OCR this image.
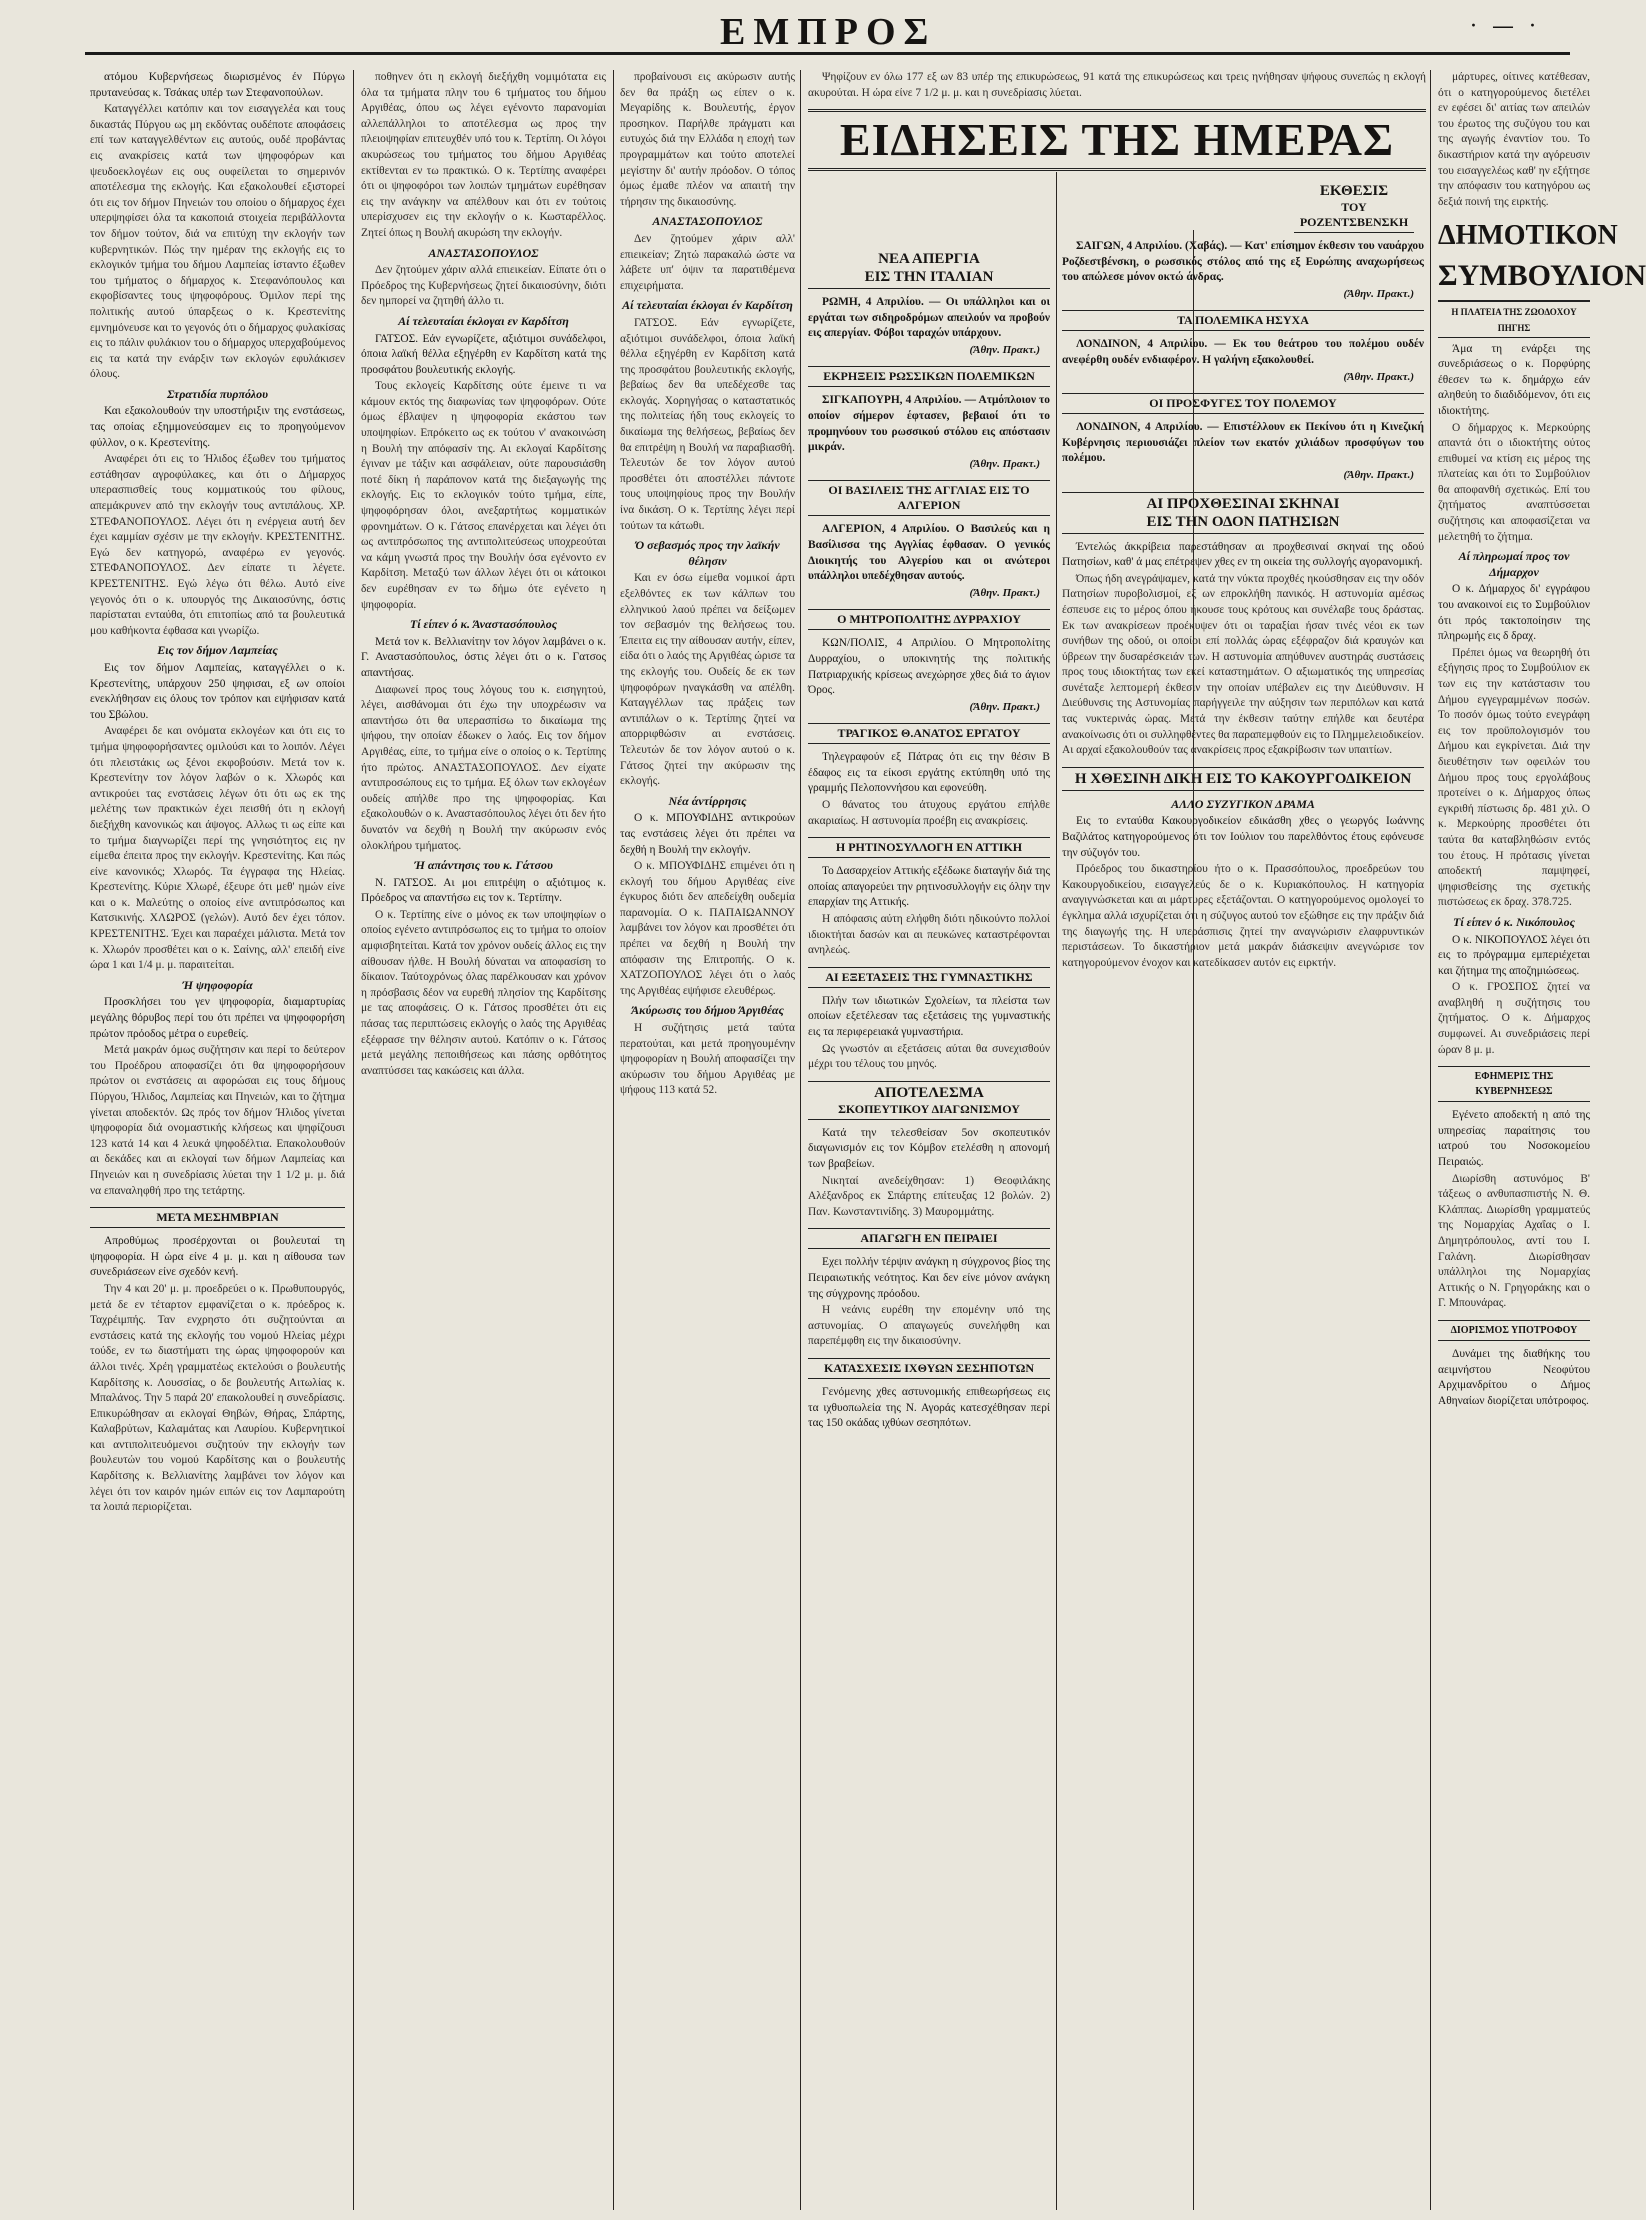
ΕΜΠΡΟΣ	· — ·

ατόμου Κυβερνήσεως διωρισμένος έν Πύργω πρυτανεύσας κ. Τσάκας υπέρ των Στεφανοπούλων.

Καταγγέλλει κατόπιν και τον εισαγγελέα και τους δικαστάς Πύργου ως μη εκδόντας ουδέποτε αποφάσεις επί των καταγγελθέντων εις αυτούς, ουδέ προβάντας εις ανακρίσεις κατά των ψηφοφόρων και ψευδοεκλογέων εις ους ουφείλεται το σημερινόν αποτέλεσμα της εκλογής. Και εξακολουθεί εξιστορεί ότι εις τον δήμον Πηνειών του οποίου ο δήμαρχος έχει υπερψηφίσει όλα τα κακοποιά στοιχεία περιβάλλοντα τον δήμον τούτον, διά να επιτύχη την εκλογήν των κυβερνητικών. Πώς την ημέραν της εκλογής εις το εκλογικόν τμήμα του δήμου Λαμπείας ίσταντο έξωθεν του τμήματος ο δήμαρχος κ. Στεφανόπουλος και εκφοβίσαντες τους ψηφοφόρους. Όμιλον περί της πολιτικής αυτού ύπαρξεως ο κ. Κρεστενίτης εμνημόνευσε και το γεγονός ότι ο δήμαρχος φυλακίσας εις το πάλιν φυλάκιον του ο δήμαρχος υπερχαβούμενος εις τα κατά την ενάρξιν των εκλογών εφυλάκισεν όλους.

Στρατιδία πυρπόλου

Και εξακολουθούν την υποστήριξιν της ενστάσεως, τας οποίας εξημμονεύσαμεν εις το προηγούμενον φύλλον, ο κ. Κρεστενίτης.

Αναφέρει ότι εις το Ήλιδος έξωθεν του τμήματος εστάθησαν αγροφύλακες, και ότι ο Δήμαρχος υπερασπισθείς τους κομματικούς του φίλους, απεμάκρυνεν από την εκλογήν τους αντιπάλους. ΧΡ. ΣΤΕΦΑΝΟΠΟΥΛΟΣ. Λέγει ότι η ενέργεια αυτή δεν έχει καμμίαν σχέσιν με την εκλογήν. ΚΡΕΣΤΕΝΙΤΗΣ. Εγώ δεν κατηγορώ, αναφέρω εν γεγονός. ΣΤΕΦΑΝΟΠΟΥΛΟΣ. Δεν είπατε τι λέγετε. ΚΡΕΣΤΕΝΙΤΗΣ. Εγώ λέγω ότι θέλω. Αυτό είνε γεγονός ότι ο κ. υπουργός της Δικαιοσύνης, όστις παρίσταται ενταύθα, ότι επιτοπίως από τα βουλευτικά μου καθήκοντα έφθασα και γνωρίζω.

Εις τον δήμον Λαμπείας

Εις τον δήμον Λαμπείας, καταγγέλλει ο κ. Κρεστενίτης, υπάρχουν 250 ψηφισαι, εξ ων οποίοι ενεκλήθησαν εις όλους τον τρόπον και εψήφισαν κατά του Σβώλου.

Αναφέρει δε και ονόματα εκλογέων και ότι εις το τμήμα ψηφοφορήσαντες ομιλούσι και το λοιπόν. Λέγει ότι πλειστάκις ως ξένοι εκφοβούσιν. Μετά τον κ. Κρεστενίτην τον λόγον λαβών ο κ. Χλωρός και αντικρούει τας ενστάσεις λέγων ότι ότι ως εκ της μελέτης των πρακτικών έχει πεισθή ότι η εκλογή διεξήχθη κανονικώς και άψογος. Αλλως τι ως είπε και το τμήμα διαγνωρίζει περί της γνησιότητος εις ην είμεθα έπειτα προς την εκλογήν. Κρεστενίτης. Και πώς είνε κανονικός; Χλωρός. Τα έγγραφα της Ηλείας. Κρεστενίτης. Κύριε Χλωρέ, έξευρε ότι μεθ' ημών είνε και ο κ. Μαλεύτης ο οποίος είνε αντιπρόσωπος και Κατσικινής. ΧΛΩΡΟΣ (γελών). Αυτό δεν έχει τόπον. ΚΡΕΣΤΕΝΙΤΗΣ. Έχει και παραέχει μάλιστα. Μετά τον κ. Χλωρόν προσθέτει και ο κ. Σαίνης, αλλ' επειδή είνε ώρα 1 και 1/4 μ. μ. παραιτείται.

Ή ψηφοφορία

Προσκλήσει του γεν ψηφοφορία, διαμαρτυρίας μεγάλης θόρυβος περί του ότι πρέπει να ψηφοφορήση πρώτον πρόοδος μέτρα ο ευρεθείς.

Μετά μακράν όμως συζήτησιν και περί το δεύτερον του Προέδρου αποφασίζει ότι θα ψηφοφορήσουν πρώτον οι ενστάσεις αι αφορώσαι εις τους δήμους Πύργου, Ήλιδος, Λαμπείας και Πηνειών, και το ζήτημα γίνεται αποδεκτόν. Ως πρός τον δήμον Ήλιδος γίνεται ψηφοφορία διά ονομαστικής κλήσεως και ψηφίζουσι 123 κατά 14 και 4 λευκά ψηφοδέλτια. Επακολουθούν αι δεκάδες και αι εκλογαί των δήμων Λαμπείας και Πηνειών και η συνεδρίασις λύεται την 1 1/2 μ. μ. διά να επαναληφθή προ της τετάρτης.

ΜΕΤΑ ΜΕΣΗΜΒΡΙΑΝ

Απροθύμως προσέρχονται οι βουλευταί τη ψηφοφορία. Η ώρα είνε 4 μ. μ. και η αίθουσα των συνεδριάσεων είνε σχεδόν κενή.

Την 4 και 20' μ. μ. προεδρεύει ο κ. Πρωθυπουργός, μετά δε εν τέταρτον εμφανίζεται ο κ. πρόεδρος κ. Ταχρέιμπής. Ταν ενχρηστο ότι συζητούνται αι ενστάσεις κατά της εκλογής του νομού Ηλείας μέχρι τούδε, εν τω διαστήματι της ώρας ψηφοφορούν και άλλοι τινές. Χρέη γραμματέως εκτελούσι ο βουλευτής Καρδίτσης κ. Λουσσίας, ο δε βουλευτής Αιτωλίας κ. Μπαλάνος. Την 5 παρά 20' επακολουθεί η συνεδρίασις. Επικυρώθησαν αι εκλογαί Θηβών, Θήρας, Σπάρτης, Καλαβρύτων, Καλαμάτας και Λαυρίου. Κυβερνητικοί και αντιπολιτευόμενοι συζητούν την εκλογήν των βουλευτών του νομού Καρδίτσης και ο βουλευτής Καρδίτσης κ. Βελλιανίτης λαμβάνει τον λόγον και λέγει ότι τον καιρόν ημών ειπών εις τον Λαμπαρούτη τα λοιπά περιορίζεται.

ποθηνεν ότι η εκλογή διεξήχθη νομιμότατα εις όλα τα τμήματα πλην του 6 τμήματος του δήμου Αργιθέας, όπου ως λέγει εγένοντο παρανομίαι αλλεπάλληλοι το αποτέλεσμα ως προς την πλειοψηφίαν επιτευχθέν υπό του κ. Τερτίπη. Οι λόγοι ακυρώσεως του τμήματος του δήμου Αργιθέας εκτίθενται εν τω πρακτικώ. Ο κ. Τερτίπης αναφέρει ότι οι ψηφοφόροι των λοιπών τμημάτων ευρέθησαν εις την ανάγκην να απέλθουν και ότι εν τούτοις υπερίσχυσεν εις την εκλογήν ο κ. Κωσταρέλλος. Ζητεί όπως η Βουλή ακυρώση την εκλογήν.

ΑΝΑΣΤΑΣΟΠΟΥΛΟΣ

Δεν ζητούμεν χάριν αλλά επιεικείαν. Είπατε ότι ο Πρόεδρος της Κυβερνήσεως ζητεί δικαιοσύνην, διότι δεν ημπορεί να ζητηθή άλλο τι.

Αί τελευταίαι έκλογαι εν Καρδίτση

ΓΑΤΣΟΣ. Εάν εγνωρίζετε, αξιότιμοι συνάδελφοι, όποια λαϊκή θέλλα εξηγέρθη εν Καρδίτση κατά της προσφάτου βουλευτικής εκλογής.

Τους εκλογείς Καρδίτσης ούτε έμεινε τι να κάμουν εκτός της διαφωνίας των ψηφοφόρων. Ούτε όμως έβλαψεν η ψηφοφορία εκάστου των υποψηφίων. Επρόκειτο ως εκ τούτου ν' ανακοινώση η Βουλή την απόφασίν της. Αι εκλογαί Καρδίτσης έγιναν με τάξιν και ασφάλειαν, ούτε παρουσιάσθη ποτέ δίκη ή παράπονον κατά της διεξαγωγής της εκλογής. Εις το εκλογικόν τούτο τμήμα, είπε, ψηφοφόρησαν όλοι, ανεξαρτήτως κομματικών φρονημάτων. Ο κ. Γάτσος επανέρχεται και λέγει ότι ως αντιπρόσωπος της αντιπολιτεύσεως υποχρεούται να κάμη γνωστά προς την Βουλήν όσα εγένοντο εν Καρδίτση. Μεταξύ των άλλων λέγει ότι οι κάτοικοι δεν ευρέθησαν εν τω δήμω ότε εγένετο η ψηφοφορία.

Τί είπεν ό κ. Άναστασόπουλος

Μετά τον κ. Βελλιανίτην τον λόγον λαμβάνει ο κ. Γ. Αναστασόπουλος, όστις λέγει ότι ο κ. Γατσος απαντήσας.

Διαφωνεί προς τους λόγους του κ. εισηγητού, λέγει, αισθάνομαι ότι έχω την υποχρέωσιν να απαντήσω ότι θα υπερασπίσω το δικαίωμα της ψήφου, την οποίαν έδωκεν ο λαός. Εις τον δήμον Αργιθέας, είπε, το τμήμα είνε ο οποίος ο κ. Τερτίπης ήτο πρώτος. ΑΝΑΣΤΑΣΟΠΟΥΛΟΣ. Δεν είχατε αντιπροσώπους εις το τμήμα. Εξ όλων των εκλογέων ουδείς απήλθε προ της ψηφοφορίας. Και εξακολουθών ο κ. Αναστασόπουλος λέγει ότι δεν ήτο δυνατόν να δεχθή η Βουλή την ακύρωσιν ενός ολοκλήρου τμήματος.

Ή απάντησις του κ. Γάτσου

Ν. ΓΑΤΣΟΣ. Αι μοι επιτρέψη ο αξιότιμος κ. Πρόεδρος να απαντήσω εις τον κ. Τερτίπην.

Ο κ. Τερτίπης είνε ο μόνος εκ των υποψηφίων ο οποίος εγένετο αντιπρόσωπος εις το τμήμα το οποίον αμφισβητείται. Κατά τον χρόνον ουδείς άλλος εις την αίθουσαν ήλθε. Η Βουλή δύναται να αποφασίση το δίκαιον. Ταύτοχρόνως όλας παρέλκουσαν και χρόνον η πρόσβασις δέον να ευρεθή πλησίον της Καρδίτσης με τας αποφάσεις. Ο κ. Γάτσος προσθέτει ότι εις πάσας τας περιπτώσεις εκλογής ο λαός της Αργιθέας εξέφρασε την θέλησιν αυτού. Κατόπιν ο κ. Γάτσος μετά μεγάλης πεποιθήσεως και πάσης ορθότητος αναπτύσσει τας κακώσεις και άλλα.

προβαίνουσι εις ακύρωσιν αυτής δεν θα πράξη ως είπεν ο κ. Μεγαρίδης κ. Βουλευτής, έργον προσηκον. Παρήλθε πράγματι και ευτυχώς διά την Ελλάδα η εποχή των προγραμμάτων και τούτο αποτελεί μεγίστην δι' αυτήν πρόοδον. Ο τόπος όμως έμαθε πλέον να απαιτή την τήρησιν της δικαιοσύνης.

ΑΝΑΣΤΑΣΟΠΟΥΛΟΣ

Δεν ζητούμεν χάριν αλλ' επιεικείαν; Ζητώ παρακαλώ ώστε να λάβετε υπ' όψιν τα παρατιθέμενα επιχειρήματα.

Αί τελευταίαι έκλογαι έν Καρδίτση

ΓΑΤΣΟΣ. Εάν εγνωρίζετε, αξιότιμοι συνάδελφοι, όποια λαϊκή θέλλα εξηγέρθη εν Καρδίτση κατά της προσφάτου βουλευτικής εκλογής, βεβαίως δεν θα υπεδέχεσθε τας εκλογάς. Χορηγήσας ο καταστατικός της πολιτείας ήδη τους εκλογείς το δικαίωμα της θελήσεως, βεβαίως δεν θα επιτρέψη η Βουλή να παραβιασθή. Τελευτών δε τον λόγον αυτού προσθέτει ότι αποστέλλει πάντοτε τους υποψηφίους προς την Βουλήν ίνα δικάση. Ο κ. Τερτίπης λέγει περί τούτων τα κάτωθι.

Ό σεβασμός προς την λαϊκήν θέλησιν

Και εν όσω είμεθα νομικοί άρτι εξελθόντες εκ των κάλπων του ελληνικού λαού πρέπει να δείξωμεν τον σεβασμόν της θελήσεως του. Έπειτα εις την αίθουσαν αυτήν, είπεν, είδα ότι ο λαός της Αργιθέας ώρισε τα της εκλογής του. Ουδείς δε εκ των ψηφοφόρων ηναγκάσθη να απέλθη. Καταγγέλλων τας πράξεις των αντιπάλων ο κ. Τερτίπης ζητεί να απορριφθώσιν αι ενστάσεις. Τελευτών δε τον λόγον αυτού ο κ. Γάτσος ζητεί την ακύρωσιν της εκλογής.

Νέα άντίρρησις

Ο κ. ΜΠΟΥΦΙΔΗΣ αντικρούων τας ενστάσεις λέγει ότι πρέπει να δεχθή η Βουλή την εκλογήν.

Ο κ. ΜΠΟΥΦΙΔΗΣ επιμένει ότι η εκλογή του δήμου Αργιθέας είνε έγκυρος διότι δεν απεδείχθη ουδεμία παρανομία. Ο κ. ΠΑΠΑΙΩΑΝΝΟΥ λαμβάνει τον λόγον και προσθέτει ότι πρέπει να δεχθή η Βουλή την απόφασιν της Επιτροπής. Ο κ. ΧΑΤΖΟΠΟΥΛΟΣ λέγει ότι ο λαός της Αργιθέας εψήφισε ελευθέρως.

Άκύρωσις του δήμου Άργιθέας

Η συζήτησις μετά ταύτα περατούται, και μετά προηγουμένην ψηφοφορίαν η Βουλή αποφασίζει την ακύρωσιν του δήμου Αργιθέας με ψήφους 113 κατά 52.

Ψηφίζουν εν όλω 177 εξ ων 83 υπέρ της επικυρώσεως, 91 κατά της επικυρώσεως και τρεις ηνήθησαν ψήφους συνεπώς η εκλογή ακυρούται. Η ώρα είνε 7 1/2 μ. μ. και η συνεδρίασις λύεται.

ΕΙΔΗΣΕΙΣ ΤΗΣ ΗΜΕΡΑΣ
ΝΕΑ ΑΠΕΡΓΙΑ
ΕΙΣ ΤΗΝ ΙΤΑΛΙΑΝ

ΡΩΜΗ, 4 Απριλίου. — Οι υπάλληλοι και οι εργάται των σιδηροδρόμων απειλούν να προβούν εις απεργίαν. Φόβοι ταραχών υπάρχουν.

(Άθην. Πρακτ.)
ΕΚΡΗΞΕΙΣ ΡΩΣΣΙΚΩΝ ΠΟΛΕΜΙΚΩΝ

ΣΙΓΚΑΠΟΥΡΗ, 4 Απριλίου. — Ατμόπλοιον το οποίον σήμερον έφτασεν, βεβαιοί ότι το προμηνύουν του ρωσσικού στόλου εις απόστασιν μικράν.

(Άθην. Πρακτ.)
ΟΙ ΒΑΣΙΛΕΙΣ ΤΗΣ ΑΓΓΛΙΑΣ ΕΙΣ ΤΟ ΑΛΓΕΡΙΟΝ

ΑΛΓΕΡΙΟΝ, 4 Απριλίου. Ο Βασιλεύς και η Βασίλισσα της Αγγλίας έφθασαν. Ο γενικός Διοικητής του Αλγερίου και οι ανώτεροι υπάλληλοι υπεδέχθησαν αυτούς.

(Άθην. Πρακτ.)
Ο ΜΗΤΡΟΠΟΛΙΤΗΣ ΔΥΡΡΑΧΙΟΥ

ΚΩΝ/ΠΟΛΙΣ, 4 Απριλίου. Ο Μητροπολίτης Δυρραχίου, ο υποκινητής της πολιτικής Πατριαρχικής κρίσεως ανεχώρησε χθες διά το άγιον Όρος.

(Άθην. Πρακτ.)
ΤΡΑΓΙΚΟΣ Θ.ΑΝΑΤΟΣ ΕΡΓΑΤΟΥ

Τηλεγραφούν εξ Πάτρας ότι εις την θέσιν Β έδαφος εις τα είκοσι εργάτης εκτύπηθη υπό της γραμμής Πελοποννήσου και εφονεύθη.

Ο θάνατος του άτυχους εργάτου επήλθε ακαριαίως. Η αστυνομία προέβη εις ανακρίσεις.

Η ΡΗΤΙΝΟΣΥΛΛΟΓΗ ΕΝ ΑΤΤΙΚΗ

Το Δασαρχείον Αττικής εξέδωκε διαταγήν διά της οποίας απαγορεύει την ρητινοσυλλογήν εις όλην την επαρχίαν της Αττικής.

Η απόφασις αύτη ελήφθη διότι ηδικούντο πολλοί ιδιοκτήται δασών και αι πευκώνες καταστρέφονται ανηλεώς.

ΑΙ ΕΞΕΤΑΣΕΙΣ ΤΗΣ ΓΥΜΝΑΣΤΙΚΗΣ

Πλήν των ιδιωτικών Σχολείων, τα πλείστα των οποίων εξετέλεσαν τας εξετάσεις της γυμναστικής εις τα περιφερειακά γυμναστήρια.

Ως γνωστόν αι εξετάσεις αύται θα συνεχισθούν μέχρι του τέλους του μηνός.

ΑΠΟΤΕΛΕΣΜΑ
ΣΚΟΠΕΥΤΙΚΟΥ ΔΙΑΓΩΝΙΣΜΟΥ

Κατά την τελεσθείσαν 5ον σκοπευτικόν διαγωνισμόν εις τον Κόμβον ετελέσθη η απονομή των βραβείων.

Νικηταί ανεδείχθησαν: 1) Θεοφιλάκης Αλέξανδρος εκ Σπάρτης επίτευξας 12 βολών. 2) Παν. Κωνσταντινίδης. 3) Μαυρομμάτης.

ΑΠΑΓΩΓΗ ΕΝ ΠΕΙΡΑΙΕΙ

Εχει πολλήν τέρψιν ανάγκη η σύγχρονος βίος της Πειραιωτικής νεότητος. Και δεν είνε μόνον ανάγκη της σύγχρονης πρόοδου.

Η νεάνις ευρέθη την επομένην υπό της αστυνομίας. Ο απαγωγεύς συνελήφθη και παρεπέμφθη εις την δικαιοσύνην.

ΚΑΤΑΣΧΕΣΙΣ ΙΧΘΥΩΝ ΣΕΣΗΠΟΤΩΝ

Γενόμενης χθες αστυνομικής επιθεωρήσεως εις τα ιχθυοπωλεία της Ν. Αγοράς κατεσχέθησαν περί τας 150 οκάδας ιχθύων σεσηπότων.

ΕΚΘΕΣΙΣ
ΤΟΥ ΡΟΖΕΝΤΣΒΕΝΣΚΗ

ΣΑΙΓΩΝ, 4 Απριλίου. (Χαβάς). — Κατ' επίσημον έκθεσιν του ναυάρχου Ροζδεστβένσκη, ο ρωσσικός στόλος από της εξ Ευρώπης αναχωρήσεως του απώλεσε μόνον οκτώ άνδρας.

(Άθην. Πρακτ.)
ΤΑ ΠΟΛΕΜΙΚΑ ΗΣΥΧΑ

ΛΟΝΔΙΝΟΝ, 4 Απριλίου. — Εκ του θεάτρου του πολέμου ουδέν ανεφέρθη ουδέν ενδιαφέρον. Η γαλήνη εξακολουθεί.

(Άθην. Πρακτ.)
ΟΙ ΠΡΟΣΦΥΓΕΣ ΤΟΥ ΠΟΛΕΜΟΥ

ΛΟΝΔΙΝΟΝ, 4 Απριλίου. — Επιστέλλουν εκ Πεκίνου ότι η Κινεζική Κυβέρνησις περιουσιάζει πλείον των εκατόν χιλιάδων προσφύγων του πολέμου.

(Άθην. Πρακτ.)
ΑΙ ΠΡΟΧΘΕΣΙΝΑΙ ΣΚΗΝΑΙ
ΕΙΣ ΤΗΝ ΟΔΟΝ ΠΑΤΗΣΙΩΝ

Έντελώς άκκρίβεια παρεστάθησαν αι προχθεσιναί σκηναί της οδού Πατησίων, καθ' ά μας επέτρεψεν χθες εν τη οικεία της συλλογής αγορανομική.

Όπως ήδη ανεγράψαμεν, κατά την νύκτα προχθές ηκούσθησαν εις την οδόν Πατησίων πυροβολισμοί, εξ ων επροκλήθη πανικός. Η αστυνομία αμέσως έσπευσε εις το μέρος όπου ήκουσε τους κρότους και συνέλαβε τους δράστας. Εκ των ανακρίσεων προέκυψεν ότι οι ταραξίαι ήσαν τινές νέοι εκ των συνήθων της οδού, οι οποίοι επί πολλάς ώρας εξέφραζον διά κραυγών και ύβρεων την δυσαρέσκειάν των. Η αστυνομία απηύθυνεν αυστηράς συστάσεις προς τους ιδιοκτήτας των εκεί καταστημάτων. Ο αξιωματικός της υπηρεσίας συνέταξε λεπτομερή έκθεσιν την οποίαν υπέβαλεν εις την Διεύθυνσιν. Η Διεύθυνσις της Αστυνομίας παρήγγειλε την αύξησιν των περιπόλων και κατά τας νυκτερινάς ώρας. Μετά την έκθεσιν ταύτην επήλθε και δευτέρα ανακοίνωσις ότι οι συλληφθέντες θα παραπεμφθούν εις το Πλημμελειοδικείον. Αι αρχαί εξακολουθούν τας ανακρίσεις προς εξακρίβωσιν των υπαιτίων.

Η ΧΘΕΣΙΝΗ ΔΙΚΗ ΕΙΣ ΤΟ ΚΑΚΟΥΡΓΟΔΙΚΕΙΟΝ
ΑΛΛΟ ΣΥΖΥΓΙΚΟΝ ΔΡΑΜΑ

Εις το ενταύθα Κακουργοδικείον εδικάσθη χθες ο γεωργός Ιωάννης Βαζιλάτος κατηγορούμενος ότι τον Ιούλιον του παρελθόντος έτους εφόνευσε την σύζυγόν του.

Πρόεδρος του δικαστηρίου ήτο ο κ. Πρασσόπουλος, προεδρεύων του Κακουργοδικείου, εισαγγελεύς δε ο κ. Κυριακόπουλος. Η κατηγορία αναγιγνώσκεται και αι μάρτυρες εξετάζονται. Ο κατηγορούμενος ομολογεί το έγκλημα αλλά ισχυρίζεται ότι η σύζυγος αυτού τον εξώθησε εις την πράξιν διά της διαγωγής της. Η υπεράσπισις ζητεί την αναγνώρισιν ελαφρυντικών περιστάσεων. Το δικαστήριον μετά μακράν διάσκεψιν ανεγνώρισε τον κατηγορούμενον ένοχον και κατεδίκασεν αυτόν εις ειρκτήν.

μάρτυρες, οίτινες κατέθεσαν, ότι ο κατηγορούμενος διετέλει εν εφέσει δι' αιτίας των απειλών του έρωτος της συζύγου του και της αγωγής έναντίον του. Το δικαστήριον κατά την αγόρευσιν του εισαγγελέως καθ' ην εξήτησε την απόφασιν του κατηγόρου ως δεξιά ποινή της ειρκτής.

ΔΗΜΟΤΙΚΟΝ
ΣΥΜΒΟΥΛΙΟΝ
Η ΠΛΑΤΕΙΑ ΤΗΣ ΖΩΟΔΟΧΟΥ ΠΗΓΗΣ

Άμα τη ενάρξει της συνεδριάσεως ο κ. Πορφύρης έθεσεν τω κ. δημάρχω εάν αληθεύη το διαδιδόμενον, ότι εις ιδιοκτήτης.

Ο δήμαρχος κ. Μερκούρης απαντά ότι ο ιδιοκτήτης ούτος επιθυμεί να κτίση εις μέρος της πλατείας και ότι το Συμβούλιον θα αποφανθή σχετικώς. Επί του ζητήματος αναπτύσσεται συζήτησις και αποφασίζεται να μελετηθή το ζήτημα.

Αί πληρωμαί προς τον Δήμαρχον

Ο κ. Δήμαρχος δι' εγγράφου του ανακοινοί εις το Συμβούλιον ότι πρός τακτοποίησιν της πληρωμής εις δ δραχ.

Πρέπει όμως να θεωρηθή ότι εξήγησις προς το Συμβούλιον εκ των εις την κατάστασιν του Δήμου εγγεγραμμένων ποσών. Το ποσόν όμως τούτο ενεγράφη εις τον προϋπολογισμόν του Δήμου και εγκρίνεται. Διά την διευθέτησιν των οφειλών του Δήμου προς τους εργολάβους προτείνει ο κ. Δήμαρχος όπως εγκριθή πίστωσις δρ. 481 χιλ. Ο κ. Μερκούρης προσθέτει ότι ταύτα θα καταβληθώσιν εντός του έτους. Η πρότασις γίνεται αποδεκτή παμψηφεί, ψηφισθείσης της σχετικής πιστώσεως εκ δραχ. 378.725.

Τί είπεν ό κ. Νικόπουλος

Ο κ. ΝΙΚΟΠΟΥΛΟΣ λέγει ότι εις το πρόγραμμα εμπεριέχεται και ζήτημα της αποζημιώσεως.

Ο κ. ΓΡΟΣΠΟΣ ζητεί να αναβληθή η συζήτησις του ζητήματος. Ο κ. Δήμαρχος συμφωνεί. Αι συνεδριάσεις περί ώραν 8 μ. μ.

ΕΦΗΜΕΡΙΣ ΤΗΣ ΚΥΒΕΡΝΗΣΕΩΣ

Εγένετο αποδεκτή η από της υπηρεσίας παραίτησις του ιατρού του Νοσοκομείου Πειραιώς.

Διωρίσθη αστυνόμος Β' τάξεως ο ανθυπασπιστής Ν. Θ. Κλάππας. Διωρίσθη γραμματεύς της Νομαρχίας Αχαΐας ο Ι. Δημητρόπουλος, αντί του Ι. Γαλάνη. Διωρίσθησαν υπάλληλοι της Νομαρχίας Αττικής ο Ν. Γρηγοράκης και ο Γ. Μπουνάρας.

ΔΙΟΡΙΣΜΟΣ ΥΠΟΤΡΟΦΟΥ

Δυνάμει της διαθήκης του αειμνήστου Νεοφύτου Αρχιμανδρίτου ο Δήμος Αθηναίων διορίζεται υπότροφος.
